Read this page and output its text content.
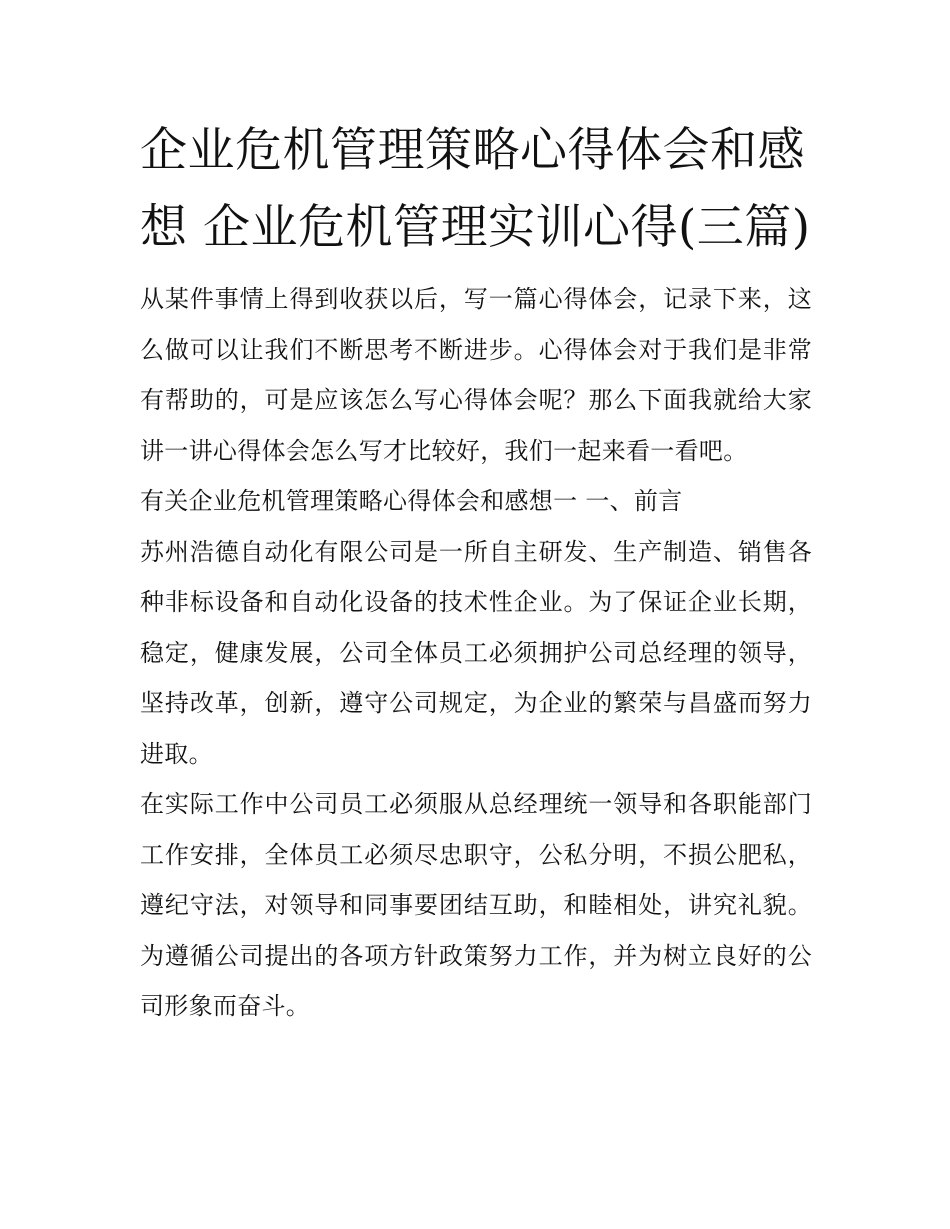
企业危机管理策略心得体会和感想 企业危机管理实训心得(三篇)

从某件事情上得到收获以后，写一篇心得体会，记录下来，这么做可以让我们不断思考不断进步。心得体会对于我们是非常有帮助的，可是应该怎么写心得体会呢？那么下面我就给大家讲一讲心得体会怎么写才比较好，我们一起来看一看吧。

有关企业危机管理策略心得体会和感想一 一、前言

苏州浩德自动化有限公司是一所自主研发、生产制造、销售各种非标设备和自动化设备的技术性企业。为了保证企业长期，稳定，健康发展，公司全体员工必须拥护公司总经理的领导，坚持改革，创新，遵守公司规定，为企业的繁荣与昌盛而努力进取。

在实际工作中公司员工必须服从总经理统一领导和各职能部门工作安排，全体员工必须尽忠职守，公私分明，不损公肥私，遵纪守法，对领导和同事要团结互助，和睦相处，讲究礼貌。为遵循公司提出的各项方针政策努力工作，并为树立良好的公司形象而奋斗。
